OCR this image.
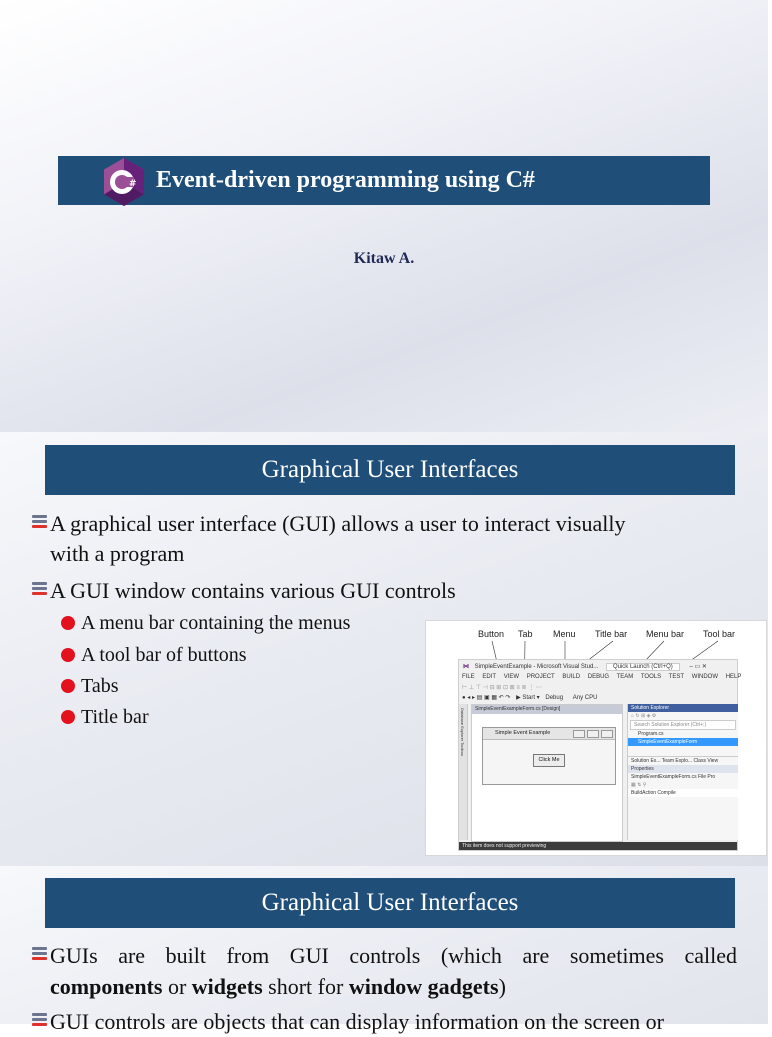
# Event-driven programming using C#
Kitaw A.
Graphical User Interfaces
A graphical user interface (GUI) allows a user to interact visually
with a program
A GUI window contains various GUI controls
A menu bar containing the menus
A tool bar of buttons
Tabs
Title bar
Button Tab Menu Title bar Menu bar Tool bar
⋈ SimpleEventExample - Microsoft Visual Stud... Quick Launch (Ctrl+Q)	– ▭ ✕
FILE EDIT VIEW PROJECT BUILD DEBUG TEAM TOOLS TEST WINDOW HELP
⊢ ⊥ ⊤ ⊣ ⊟ ⊞ ⊡ ⊠ ≡ ≣ ⋮ ⋯
● ◂ ▸ ▤ ▣ ▦ ↶ ↷ ▶ Start ▾ Debug Any CPU
Database Explorer Toolbox	SimpleEventExampleForm.cs [Design]
Simple Event Example
Click Me
Solution Explorer
⌂ ↻ ⊞ ◈ ⚙
Search Solution Explorer (Ctrl+;)
Program.cs
SimpleEventExampleForm
Solution Ex... Team Explo... Class View
Properties
SimpleEventExampleForm.cs File Pro
▦ ⇅ ⚲
BuildAction Compile
This item does not support previewing
Graphical User Interfaces
GUIs are built from GUI controls (which are sometimes called
components or widgets short for window gadgets)
GUI controls are objects that can display information on the screen or
